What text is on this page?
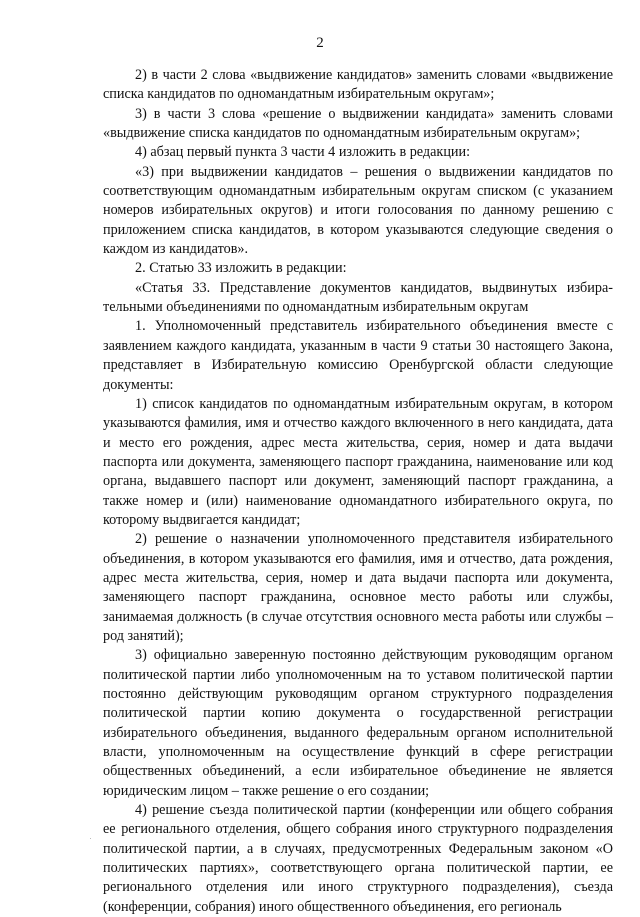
2

2) в части 2 слова «выдвижение кандидатов» заменить словами «выдвижение списка кандидатов по одномандатным избирательным округам»;

3) в части 3 слова «решение о выдвижении кандидата» заменить словами «выдвижение списка кандидатов по одномандатным избирательным округам»;

4) абзац первый пункта 3 части 4 изложить в редакции:

«3) при выдвижении кандидатов – решения о выдвижении кандидатов по соответствующим одномандатным избирательным округам списком (с указанием номеров избирательных округов) и итоги голосования по данному решению с приложением списка кандидатов, в котором указываются следующие сведения о каждом из кандидатов».

2. Статью 33 изложить в редакции:

«Статья 33. Представление документов кандидатов, выдвинутых избирательными объединениями по одномандатным избирательным округам

1. Уполномоченный представитель избирательного объединения вместе с заявлением каждого кандидата, указанным в части 9 статьи 30 настоящего Закона, представляет в Избирательную комиссию Оренбургской области следующие документы:

1) список кандидатов по одномандатным избирательным округам, в котором указываются фамилия, имя и отчество каждого включенного в него кандидата, дата и место его рождения, адрес места жительства, серия, номер и дата выдачи паспорта или документа, заменяющего паспорт гражданина, наименование или код органа, выдавшего паспорт или документ, заменяющий паспорт гражданина, а также номер и (или) наименование одномандатного избирательного округа, по которому выдвигается кандидат;

2) решение о назначении уполномоченного представителя избирательного объединения, в котором указываются его фамилия, имя и отчество, дата рождения, адрес места жительства, серия, номер и дата выдачи паспорта или документа, заменяющего паспорт гражданина, основное место работы или службы, занимаемая должность (в случае отсутствия основного места работы или службы – род занятий);

3) официально заверенную постоянно действующим руководящим органом политической партии либо уполномоченным на то уставом политической партии постоянно действующим руководящим органом структурного подразделения политической партии копию документа о государственной регистрации избирательного объединения, выданного федеральным органом исполнительной власти, уполномоченным на осуществление функций в сфере регистрации общественных объединений, а если избирательное объединение не является юридическим лицом – также решение о его создании;

4) решение съезда политической партии (конференции или общего собрания ее регионального отделения, общего собрания иного структурного подразделения политической партии, а в случаях, предусмотренных Федеральным законом «О политических партиях», соответствующего органа политической партии, ее регионального отделения или иного структурного подразделения), съезда (конференции, собрания) иного общественного объединения, его региональ
